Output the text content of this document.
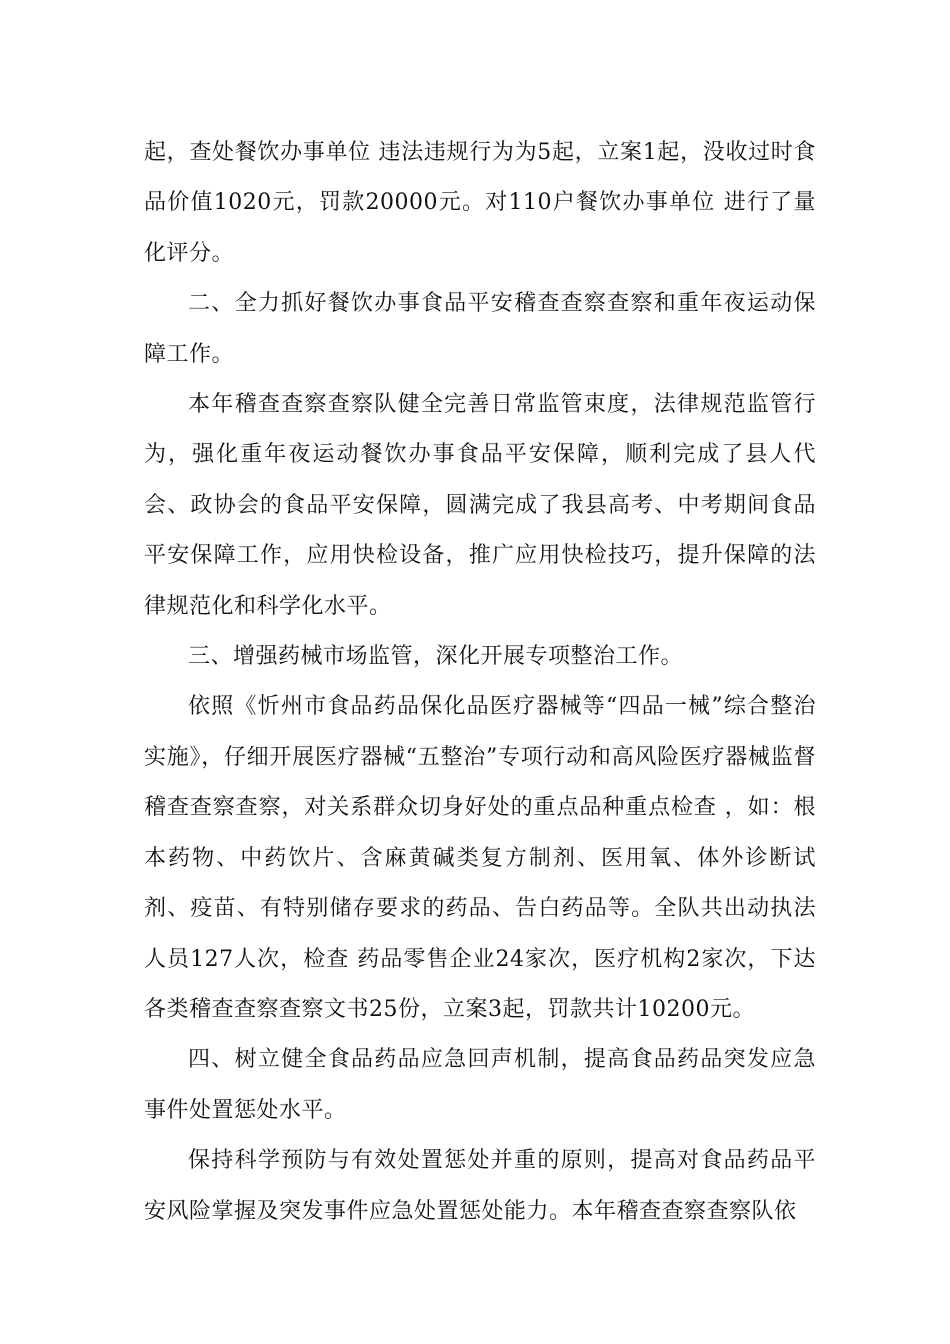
起，查处餐饮办事单位 违法违规行为为5起，立案1起，没收过时食品价值1020元，罚款20000元。对110户餐饮办事单位 进行了量化评分。

二、全力抓好餐饮办事食品平安稽查查察查察和重年夜运动保障工作。

本年稽查查察查察队健全完善日常监管束度，法律规范监管行为，强化重年夜运动餐饮办事食品平安保障，顺利完成了县人代会、政协会的食品平安保障，圆满完成了我县高考、中考期间食品平安保障工作，应用快检设备，推广应用快检技巧，提升保障的法律规范化和科学化水平。

三、增强药械市场监管，深化开展专项整治工作。

依照《忻州市食品药品保化品医疗器械等“四品一械”综合整治实施》，仔细开展医疗器械“五整治”专项行动和高风险医疗器械监督 稽查查察查察，对关系群众切身好处的重点品种重点检查 ，如：根本药物、中药饮片、含麻黄碱类复方制剂、医用氧、体外诊断试剂、疫苗、有特别储存要求的药品、告白药品等。全队共出动执法人员127人次，检查 药品零售企业24家次，医疗机构2家次，下达各类稽查查察查察文书25份，立案3起，罚款共计10200元。

四、树立健全食品药品应急回声机制，提高食品药品突发应急事件处置惩处水平。

保持科学预防与有效处置惩处并重的原则，提高对食品药品平安风险掌握及突发事件应急处置惩处能力。本年稽查查察查察队依
